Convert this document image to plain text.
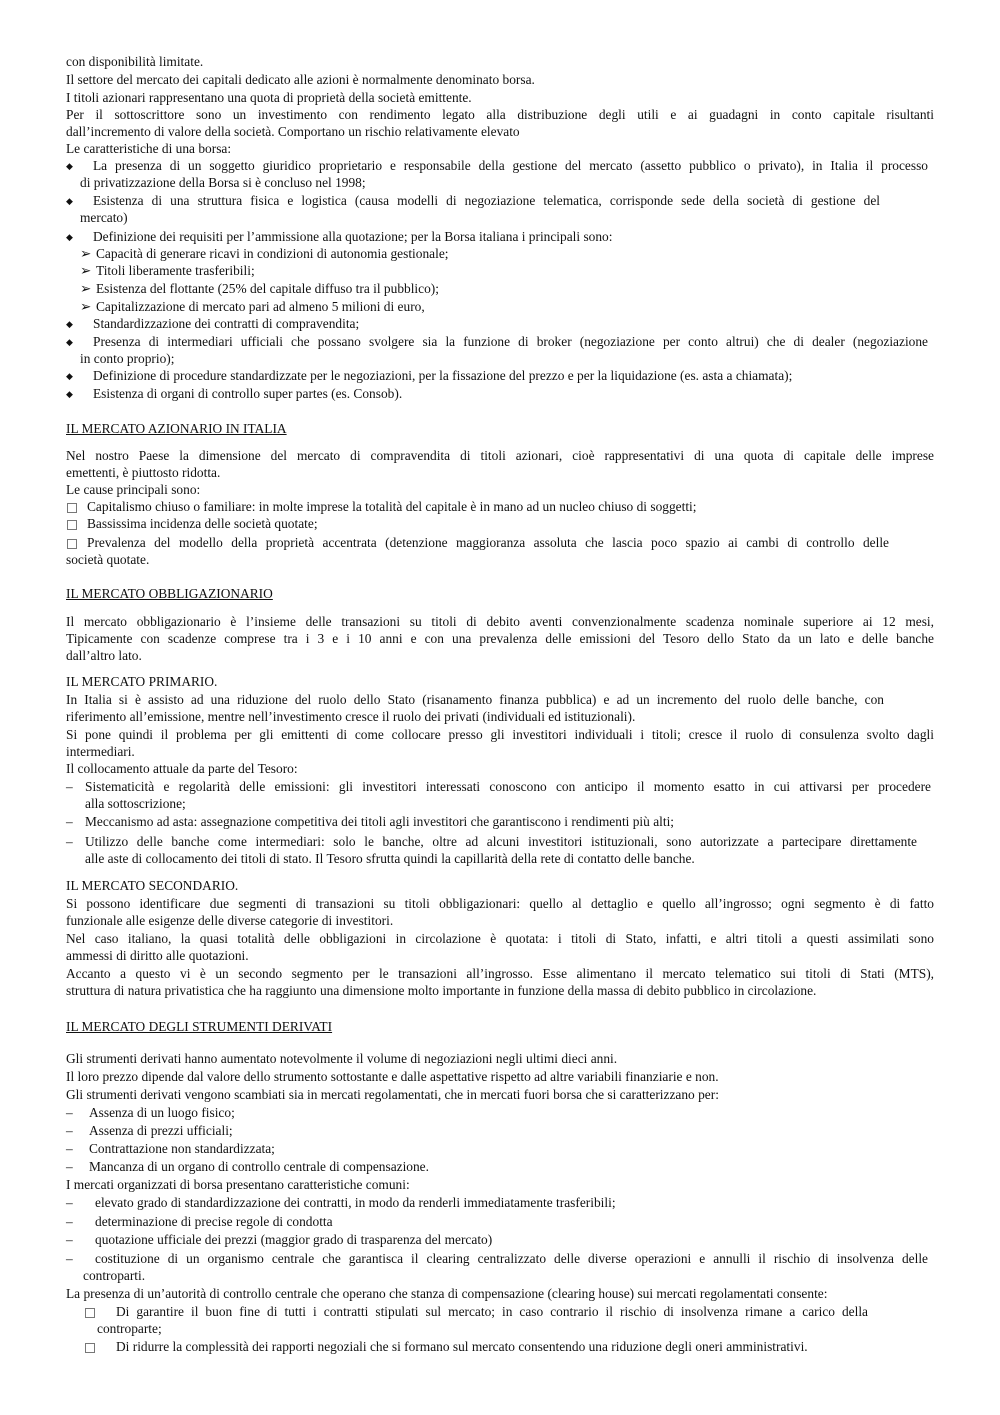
con disponibilità limitate.
Il settore del mercato dei capitali dedicato alle azioni è normalmente denominato borsa.
I titoli azionari rappresentano una quota di proprietà della società emittente.
Per il sottoscrittore sono un investimento con rendimento legato alla distribuzione degli utili e ai guadagni in conto capitale risultanti
dall’incremento di valore della società. Comportano un rischio relativamente elevato
Le caratteristiche di una borsa:
◆ La presenza di un soggetto giuridico proprietario e responsabile della gestione del mercato (assetto pubblico o privato), in Italia il processo
di privatizzazione della Borsa si è concluso nel 1998;
◆ Esistenza di una struttura fisica e logistica (causa modelli di negoziazione telematica, corrisponde sede della società di gestione del
mercato)
◆ Definizione dei requisiti per l’ammissione alla quotazione; per la Borsa italiana i principali sono:
➢ Capacità di generare ricavi in condizioni di autonomia gestionale;
➢ Titoli liberamente trasferibili;
➢ Esistenza del flottante (25% del capitale diffuso tra il pubblico);
➢ Capitalizzazione di mercato pari ad almeno 5 milioni di euro,
◆ Standardizzazione dei contratti di compravendita;
◆ Presenza di intermediari ufficiali che possano svolgere sia la funzione di broker (negoziazione per conto altrui) che di dealer (negoziazione
in conto proprio);
◆ Definizione di procedure standardizzate per le negoziazioni, per la fissazione del prezzo e per la liquidazione (es. asta a chiamata);
◆ Esistenza di organi di controllo super partes (es. Consob).
IL MERCATO AZIONARIO IN ITALIA
Nel nostro Paese la dimensione del mercato di compravendita di titoli azionari, cioè rappresentativi di una quota di capitale delle imprese
emettenti, è piuttosto ridotta.
Le cause principali sono:
Capitalismo chiuso o familiare: in molte imprese la totalità del capitale è in mano ad un nucleo chiuso di soggetti;
Bassissima incidenza delle società quotate;
Prevalenza del modello della proprietà accentrata (detenzione maggioranza assoluta che lascia poco spazio ai cambi di controllo delle
società quotate.
IL MERCATO OBBLIGAZIONARIO
Il mercato obbligazionario è l’insieme delle transazioni su titoli di debito aventi convenzionalmente scadenza nominale superiore ai 12 mesi,
Tipicamente con scadenze comprese tra i 3 e i 10 anni e con una prevalenza delle emissioni del Tesoro dello Stato da un lato e delle banche
dall’altro lato.
IL MERCATO PRIMARIO.
In Italia si è assisto ad una riduzione del ruolo dello Stato (risanamento finanza pubblica) e ad un incremento del ruolo delle banche, con
riferimento all’emissione, mentre nell’investimento cresce il ruolo dei privati (individuali ed istituzionali).
Si pone quindi il problema per gli emittenti di come collocare presso gli investitori individuali i titoli; cresce il ruolo di consulenza svolto dagli
intermediari.
Il collocamento attuale da parte del Tesoro:
– Sistematicità e regolarità delle emissioni: gli investitori interessati conoscono con anticipo il momento esatto in cui attivarsi per procedere
alla sottoscrizione;
– Meccanismo ad asta: assegnazione competitiva dei titoli agli investitori che garantiscono i rendimenti più alti;
– Utilizzo delle banche come intermediari: solo le banche, oltre ad alcuni investitori istituzionali, sono autorizzate a partecipare direttamente
alle aste di collocamento dei titoli di stato. Il Tesoro sfrutta quindi la capillarità della rete di contatto delle banche.
IL MERCATO SECONDARIO.
Si possono identificare due segmenti di transazioni su titoli obbligazionari: quello al dettaglio e quello all’ingrosso; ogni segmento è di fatto
funzionale alle esigenze delle diverse categorie di investitori.
Nel caso italiano, la quasi totalità delle obbligazioni in circolazione è quotata: i titoli di Stato, infatti, e altri titoli a questi assimilati sono
ammessi di diritto alle quotazioni.
Accanto a questo vi è un secondo segmento per le transazioni all’ingrosso. Esse alimentano il mercato telematico sui titoli di Stati (MTS),
struttura di natura privatistica che ha raggiunto una dimensione molto importante in funzione della massa di debito pubblico in circolazione.
IL MERCATO DEGLI STRUMENTI DERIVATI
Gli strumenti derivati hanno aumentato notevolmente il volume di negoziazioni negli ultimi dieci anni.
Il loro prezzo dipende dal valore dello strumento sottostante e dalle aspettative rispetto ad altre variabili finanziarie e non.
Gli strumenti derivati vengono scambiati sia in mercati regolamentati, che in mercati fuori borsa che si caratterizzano per:
– Assenza di un luogo fisico;
– Assenza di prezzi ufficiali;
– Contrattazione non standardizzata;
– Mancanza di un organo di controllo centrale di compensazione.
I mercati organizzati di borsa presentano caratteristiche comuni:
– elevato grado di standardizzazione dei contratti, in modo da renderli immediatamente trasferibili;
– determinazione di precise regole di condotta
– quotazione ufficiale dei prezzi (maggior grado di trasparenza del mercato)
– costituzione di un organismo centrale che garantisca il clearing centralizzato delle diverse operazioni e annulli il rischio di insolvenza delle
controparti.
La presenza di un’autorità di controllo centrale che operano che stanza di compensazione (clearing house) sui mercati regolamentati consente:
Di garantire il buon fine di tutti i contratti stipulati sul mercato; in caso contrario il rischio di insolvenza rimane a carico della
controparte;
Di ridurre la complessità dei rapporti negoziali che si formano sul mercato consentendo una riduzione degli oneri amministrativi.
